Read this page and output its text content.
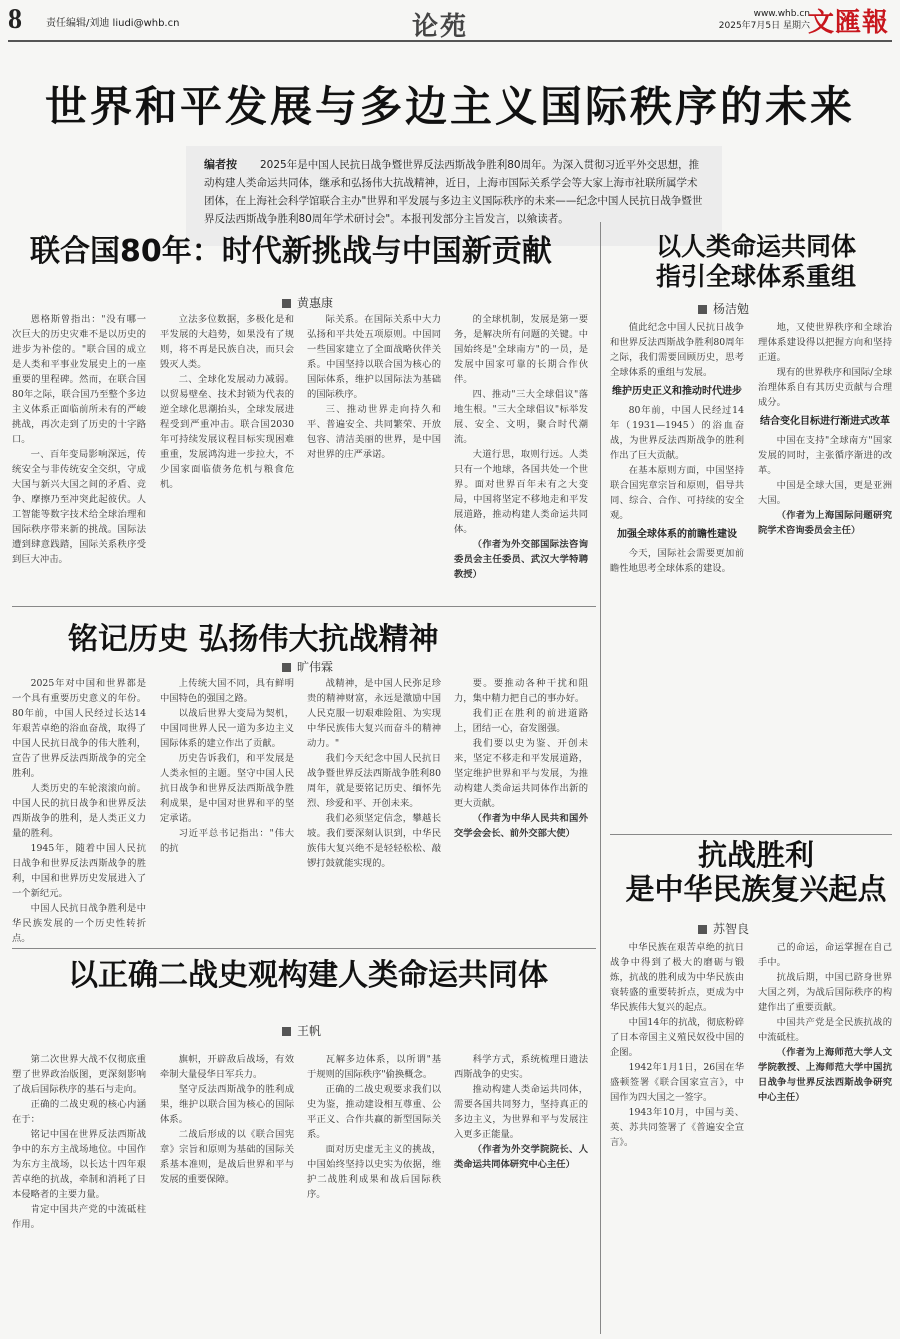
8 责任编辑/刘迪 liudi@whb.cn	论苑	www.whb.cn
2025年7月5日 星期六
文匯報
世界和平发展与多边主义国际秩序的未来
编者按	2025年是中国人民抗日战争暨世界反法西斯战争胜利80周年。为深入贯彻习近平外交思想，推动构建人类命运共同体，继承和弘扬伟大抗战精神，近日，上海市国际关系学会等大家上海市社联所属学术团体，在上海社会科学馆联合主办"世界和平发展与多边主义国际秩序的未来——纪念中国人民抗日战争暨世界反法西斯战争胜利80周年学术研讨会"。本报刊发部分主旨发言，以飨读者。
联合国80年：时代新挑战与中国新贡献
黄惠康

恩格斯曾指出："没有哪一次巨大的历史灾难不是以历史的进步为补偿的。"联合国的成立是人类和平事业发展史上的一座重要的里程碑。然而，在联合国80年之际，联合国乃至整个多边主义体系正面临前所未有的严峻挑战，再次走到了历史的十字路口。

一、百年变局影响深远，传统安全与非传统安全交织，守成大国与新兴大国之间的矛盾、竞争、摩擦乃至冲突此起彼伏。人工智能等数字技术给全球治理和国际秩序带来新的挑战。国际法遭到肆意践踏，国际关系秩序受到巨大冲击。

立法多位数据，多极化是和平发展的大趋势，如果没有了规则，将不再是民族自决，而只会毁灭人类。

二、全球化发展动力减弱。以贸易壁垒、技术封锁为代表的逆全球化思潮抬头，全球发展进程受到严重冲击。联合国2030年可持续发展议程目标实现困难重重，发展鸿沟进一步拉大，不少国家面临债务危机与粮食危机。

际关系。在国际关系中大力弘扬和平共处五项原则。中国同一些国家建立了全面战略伙伴关系。中国坚持以联合国为核心的国际体系，维护以国际法为基础的国际秩序。

三、推动世界走向持久和平、普遍安全、共同繁荣、开放包容、清洁美丽的世界，是中国对世界的庄严承诺。

的全球机制，发展是第一要务，是解决所有问题的关键。中国始终是"全球南方"的一员，是发展中国家可靠的长期合作伙伴。

四、推动"三大全球倡议"落地生根。"三大全球倡议"标举发展、安全、文明，聚合时代潮流。

大道行思，取则行远。人类只有一个地球，各国共处一个世界。面对世界百年未有之大变局，中国将坚定不移地走和平发展道路，推动构建人类命运共同体。

（作者为外交部国际法咨询委员会主任委员、武汉大学特聘教授）

铭记历史 弘扬伟大抗战精神
旷伟霖

2025年对中国和世界都是一个具有重要历史意义的年份。80年前，中国人民经过长达14年艰苦卓绝的浴血奋战，取得了中国人民抗日战争的伟大胜利，宣告了世界反法西斯战争的完全胜利。

人类历史的车轮滚滚向前。中国人民的抗日战争和世界反法西斯战争的胜利，是人类正义力量的胜利。

1945年，随着中国人民抗日战争和世界反法西斯战争的胜利，中国和世界历史发展进入了一个新纪元。

中国人民抗日战争胜利是中华民族发展的一个历史性转折点。

上传统大国不同，具有鲜明中国特色的强国之路。

以战后世界大变局为契机，中国同世界人民一道为多边主义国际体系的建立作出了贡献。

历史告诉我们，和平发展是人类永恒的主题。坚守中国人民抗日战争和世界反法西斯战争胜利成果，是中国对世界和平的坚定承诺。

习近平总书记指出："伟大的抗

战精神，是中国人民弥足珍贵的精神财富，永远是激励中国人民克服一切艰难险阻、为实现中华民族伟大复兴而奋斗的精神动力。"

我们今天纪念中国人民抗日战争暨世界反法西斯战争胜利80周年，就是要铭记历史、缅怀先烈、珍爱和平、开创未来。

我们必须坚定信念，攀越长坡。我们要深刻认识到，中华民族伟大复兴绝不是轻轻松松、敲锣打鼓就能实现的。

要。要推动各种干扰和阻力，集中精力把自己的事办好。

我们正在胜利的前进道路上，团结一心，奋发图强。

我们要以史为鉴、开创未来，坚定不移走和平发展道路，坚定维护世界和平与发展，为推动构建人类命运共同体作出新的更大贡献。

（作者为中华人民共和国外交学会会长、前外交部大使）

以正确二战史观构建人类命运共同体
王帆

第二次世界大战不仅彻底重塑了世界政治版图，更深刻影响了战后国际秩序的基石与走向。

正确的二战史观的核心内涵在于：

铭记中国在世界反法西斯战争中的东方主战场地位。中国作为东方主战场，以长达十四年艰苦卓绝的抗战，牵制和消耗了日本侵略者的主要力量。

肯定中国共产党的中流砥柱作用。

旗帜，开辟敌后战场，有效牵制大量侵华日军兵力。

坚守反法西斯战争的胜利成果，维护以联合国为核心的国际体系。

二战后形成的以《联合国宪章》宗旨和原则为基础的国际关系基本准则，是战后世界和平与发展的重要保障。

瓦解多边体系，以所谓"基于规则的国际秩序"偷换概念。

正确的二战史观要求我们以史为鉴，推动建设相互尊重、公平正义、合作共赢的新型国际关系。

面对历史虚无主义的挑战，中国始终坚持以史实为依据，维护二战胜利成果和战后国际秩序。

科学方式，系统梳理日遗法西斯战争的史实。

推动构建人类命运共同体，需要各国共同努力，坚持真正的多边主义，为世界和平与发展注入更多正能量。

（作者为外交学院院长、人类命运共同体研究中心主任）

以人类命运共同体
指引全球体系重组
杨洁勉

值此纪念中国人民抗日战争和世界反法西斯战争胜利80周年之际，我们需要回顾历史，思考全球体系的重组与发展。

维护历史正义和推动时代进步

80年前，中国人民经过14年（1931—1945）的浴血奋战，为世界反法西斯战争的胜利作出了巨大贡献。

在基本原则方面，中国坚持联合国宪章宗旨和原则，倡导共同、综合、合作、可持续的安全观。

加强全球体系的前瞻性建设

今天，国际社会需要更加前瞻性地思考全球体系的建设。

地，又使世界秩序和全球治理体系建设得以把握方向和坚持正道。

现有的世界秩序和国际/全球治理体系自有其历史贡献与合理成分。

结合变化目标进行渐进式改革

中国在支持"全球南方"国家发展的同时，主张循序渐进的改革。

中国是全球大国，更是亚洲大国。

（作者为上海国际问题研究院学术咨询委员会主任）

抗战胜利
是中华民族复兴起点
苏智良

中华民族在艰苦卓绝的抗日战争中得到了极大的磨砺与锻炼，抗战的胜利成为中华民族由衰转盛的重要转折点，更成为中华民族伟大复兴的起点。

中国14年的抗战，彻底粉碎了日本帝国主义殖民奴役中国的企图。

1942年1月1日，26国在华盛顿签署《联合国家宣言》，中国作为四大国之一签字。

1943年10月，中国与美、英、苏共同签署了《普遍安全宣言》。

己的命运，命运掌握在自己手中。

抗战后期，中国已跻身世界大国之列，为战后国际秩序的构建作出了重要贡献。

中国共产党是全民族抗战的中流砥柱。

（作者为上海师范大学人文学院教授、上海师范大学中国抗日战争与世界反法西斯战争研究中心主任）
